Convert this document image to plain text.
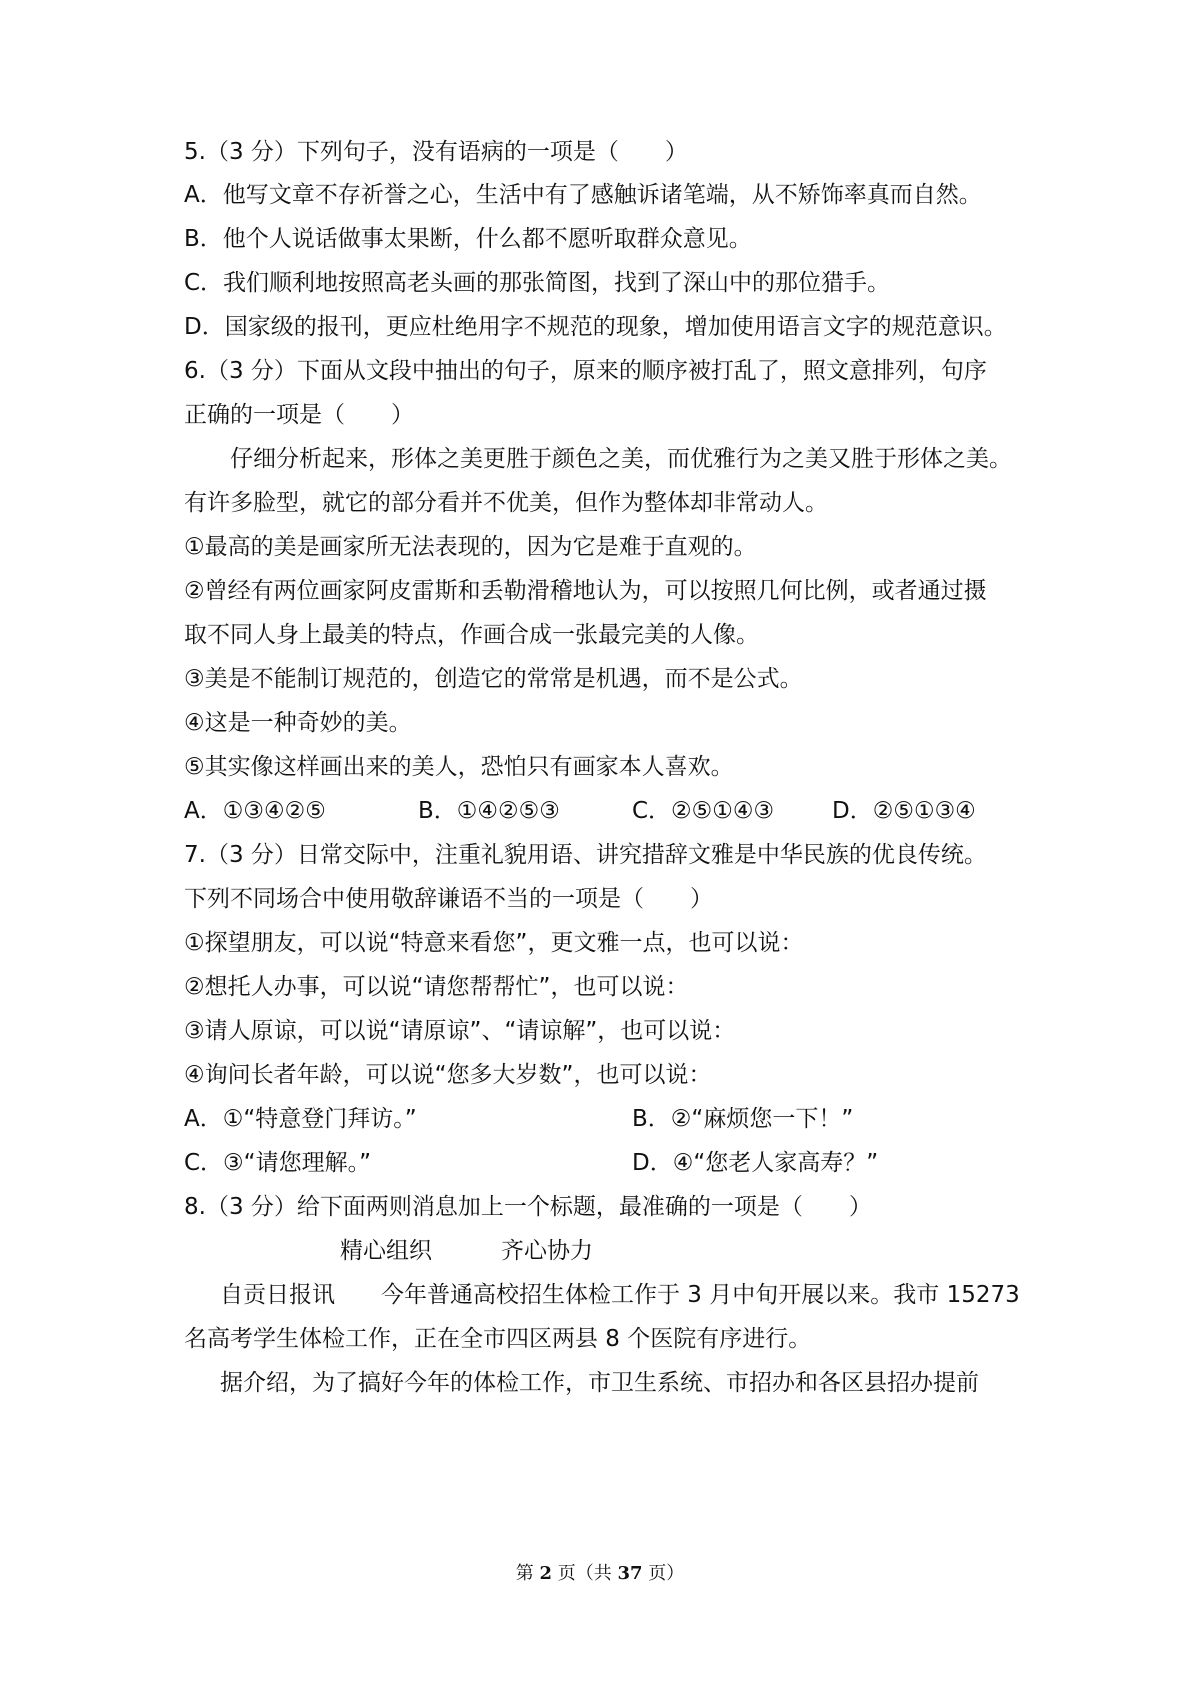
5.（3 分）下列句子，没有语病的一项是（　　）
A．他写文章不存祈誉之心，生活中有了感触诉诸笔端，从不矫饰率真而自然。
B．他个人说话做事太果断，什么都不愿听取群众意见。
C．我们顺利地按照高老头画的那张简图，找到了深山中的那位猎手。
D．国家级的报刊，更应杜绝用字不规范的现象，增加使用语言文字的规范意识。
6.（3 分）下面从文段中抽出的句子，原来的顺序被打乱了，照文意排列，句序
正确的一项是（　　）
仔细分析起来，形体之美更胜于颜色之美，而优雅行为之美又胜于形体之美。
有许多脸型，就它的部分看并不优美，但作为整体却非常动人。
①最高的美是画家所无法表现的，因为它是难于直观的。
②曾经有两位画家阿皮雷斯和丢勒滑稽地认为，可以按照几何比例，或者通过摄
取不同人身上最美的特点，作画合成一张最完美的人像。
③美是不能制订规范的，创造它的常常是机遇，而不是公式。
④这是一种奇妙的美。
⑤其实像这样画出来的美人，恐怕只有画家本人喜欢。
A．①③④②⑤	B．①④②⑤③	C．②⑤①④③	D．②⑤①③④
7.（3 分）日常交际中，注重礼貌用语、讲究措辞文雅是中华民族的优良传统。
下列不同场合中使用敬辞谦语不当的一项是（　　）
①探望朋友，可以说“特意来看您”，更文雅一点，也可以说：
②想托人办事，可以说“请您帮帮忙”，也可以说：
③请人原谅，可以说“请原谅”、“请谅解”，也可以说：
④询问长者年龄，可以说“您多大岁数”，也可以说：
A．①“特意登门拜访。”	B．②“麻烦您一下！”
C．③“请您理解。”	D．④“您老人家高寿？”
8.（3 分）给下面两则消息加上一个标题，最准确的一项是（　　）
精心组织　　　齐心协力
自贡日报讯　　今年普通高校招生体检工作于 3 月中旬开展以来。我市 15273
名高考学生体检工作，正在全市四区两县 8 个医院有序进行。
据介绍，为了搞好今年的体检工作，市卫生系统、市招办和各区县招办提前
第 2 页（共 37 页）
